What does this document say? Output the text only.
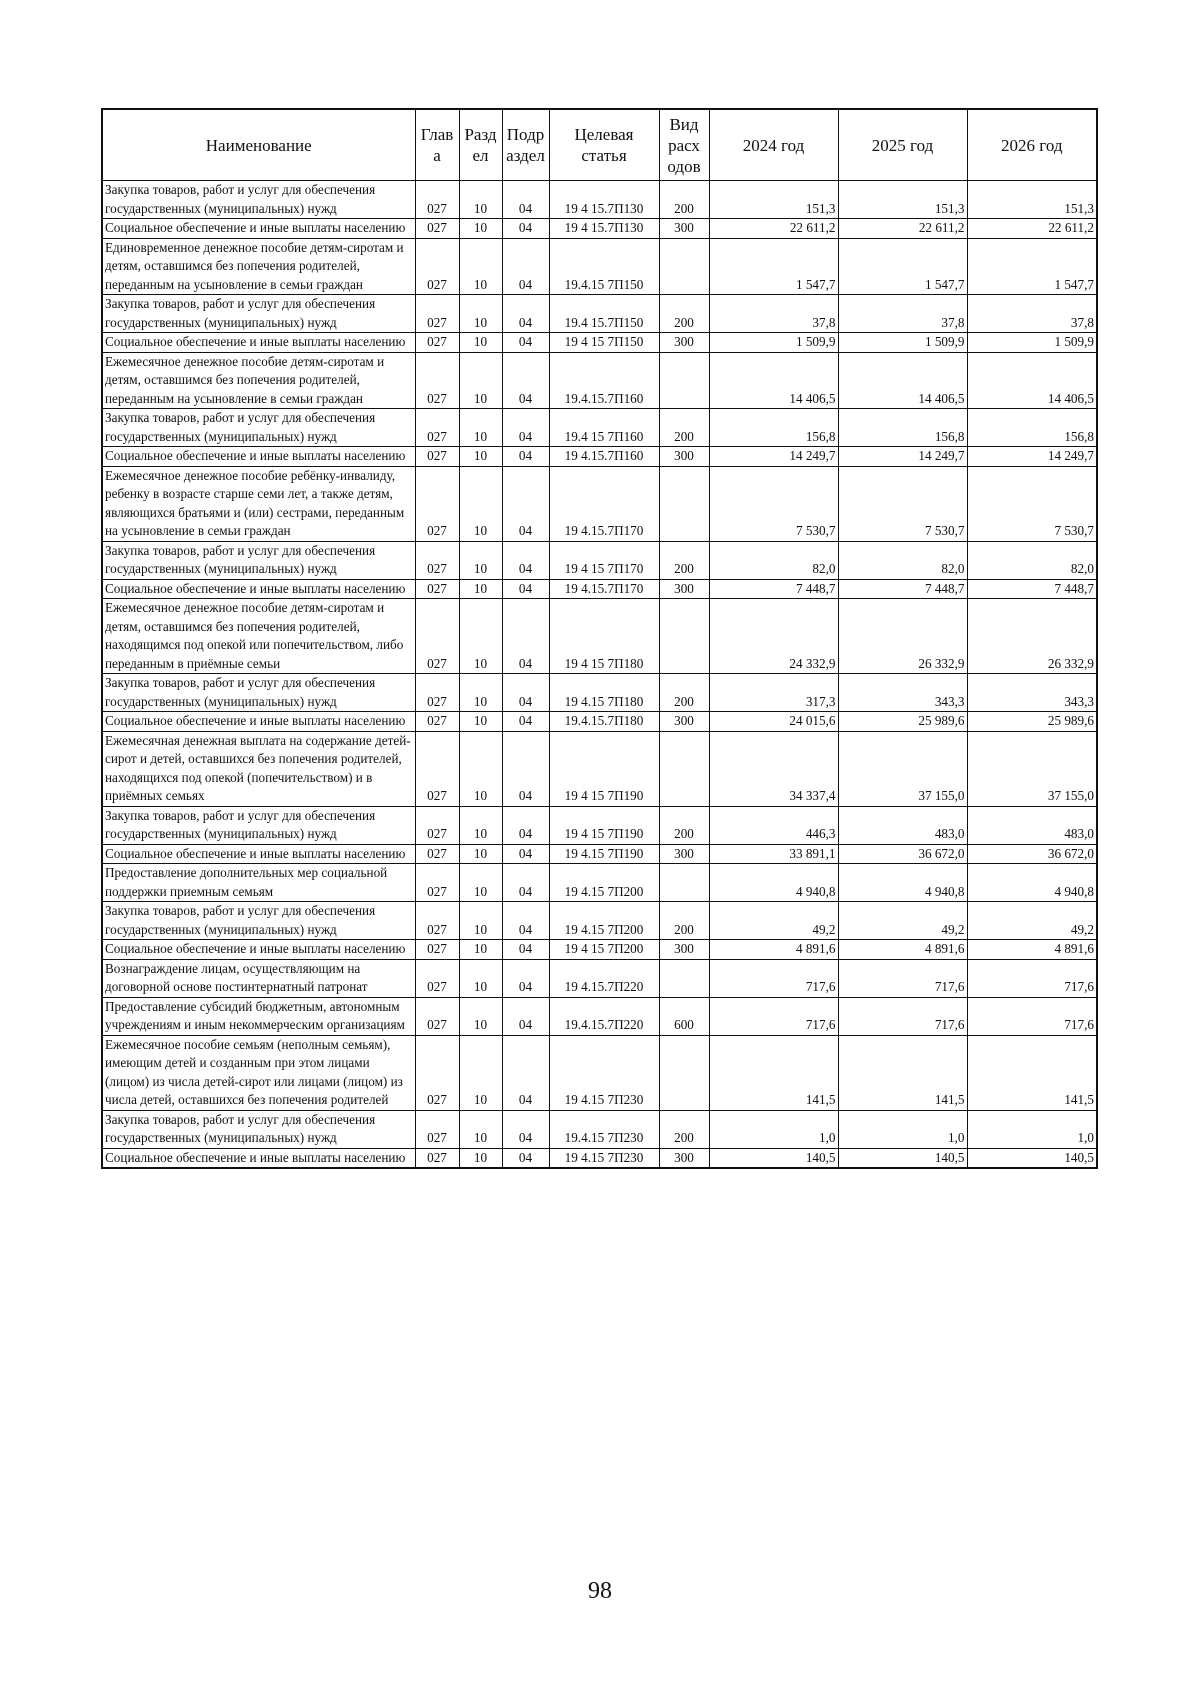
Наименование	Глав а	Разд ел	Подр аздел	Целевая статья	Вид расх одов	2024 год	2025 год	2026 год
Закупка товаров, работ и услуг для обеспечения государственных (муниципальных) нужд	027	10	04	19 4 15.7П130	200	151,3	151,3	151,3
Социальное обеспечение и иные выплаты населению	027	10	04	19 4 15.7П130	300	22 611,2	22 611,2	22 611,2
Единовременное денежное пособие детям-сиротам и детям, оставшимся без попечения родителей, переданным на усыновление в семьи граждан	027	10	04	19.4.15 7П150		1 547,7	1 547,7	1 547,7
Закупка товаров, работ и услуг для обеспечения государственных (муниципальных) нужд	027	10	04	19.4 15.7П150	200	37,8	37,8	37,8
Социальное обеспечение и иные выплаты населению	027	10	04	19 4 15 7П150	300	1 509,9	1 509,9	1 509,9
Ежемесячное денежное пособие детям-сиротам и детям, оставшимся без попечения родителей, переданным на усыновление в семьи граждан	027	10	04	19.4.15.7П160		14 406,5	14 406,5	14 406,5
Закупка товаров, работ и услуг для обеспечения государственных (муниципальных) нужд	027	10	04	19.4 15 7П160	200	156,8	156,8	156,8
Социальное обеспечение и иные выплаты населению	027	10	04	19 4.15.7П160	300	14 249,7	14 249,7	14 249,7
Ежемесячное денежное пособие ребёнку-инвалиду, ребенку в возрасте старше семи лет, а также детям, являющихся братьями и (или) сестрами, переданным на усыновление в семьи граждан	027	10	04	19 4.15.7П170		7 530,7	7 530,7	7 530,7
Закупка товаров, работ и услуг для обеспечения государственных (муниципальных) нужд	027	10	04	19 4 15 7П170	200	82,0	82,0	82,0
Социальное обеспечение и иные выплаты населению	027	10	04	19 4.15.7П170	300	7 448,7	7 448,7	7 448,7
Ежемесячное денежное пособие детям-сиротам и детям, оставшимся без попечения родителей, находящимся под опекой или попечительством, либо переданным в приёмные семьи	027	10	04	19 4 15 7П180		24 332,9	26 332,9	26 332,9
Закупка товаров, работ и услуг для обеспечения государственных (муниципальных) нужд	027	10	04	19 4.15 7П180	200	317,3	343,3	343,3
Социальное обеспечение и иные выплаты населению	027	10	04	19.4.15.7П180	300	24 015,6	25 989,6	25 989,6
Ежемесячная денежная выплата на содержание детей-сирот и детей, оставшихся без попечения родителей, находящихся под опекой (попечительством) и в приёмных семьях	027	10	04	19 4 15 7П190		34 337,4	37 155,0	37 155,0
Закупка товаров, работ и услуг для обеспечения государственных (муниципальных) нужд	027	10	04	19 4 15 7П190	200	446,3	483,0	483,0
Социальное обеспечение и иные выплаты населению	027	10	04	19 4.15 7П190	300	33 891,1	36 672,0	36 672,0
Предоставление дополнительных мер социальной поддержки приемным семьям	027	10	04	19 4.15 7П200		4 940,8	4 940,8	4 940,8
Закупка товаров, работ и услуг для обеспечения государственных (муниципальных) нужд	027	10	04	19 4.15 7П200	200	49,2	49,2	49,2
Социальное обеспечение и иные выплаты населению	027	10	04	19 4 15 7П200	300	4 891,6	4 891,6	4 891,6
Вознаграждение лицам, осуществляющим на договорной основе постинтернатный патронат	027	10	04	19 4.15.7П220		717,6	717,6	717,6
Предоставление субсидий бюджетным, автономным учреждениям и иным некоммерческим организациям	027	10	04	19.4.15.7П220	600	717,6	717,6	717,6
Ежемесячное пособие семьям (неполным семьям), имеющим детей и созданным при этом лицами (лицом) из числа детей-сирот или лицами (лицом) из числа детей, оставшихся без попечения родителей	027	10	04	19 4.15 7П230		141,5	141,5	141,5
Закупка товаров, работ и услуг для обеспечения государственных (муниципальных) нужд	027	10	04	19.4.15 7П230	200	1,0	1,0	1,0
Социальное обеспечение и иные выплаты населению	027	10	04	19 4.15 7П230	300	140,5	140,5	140,5
98
